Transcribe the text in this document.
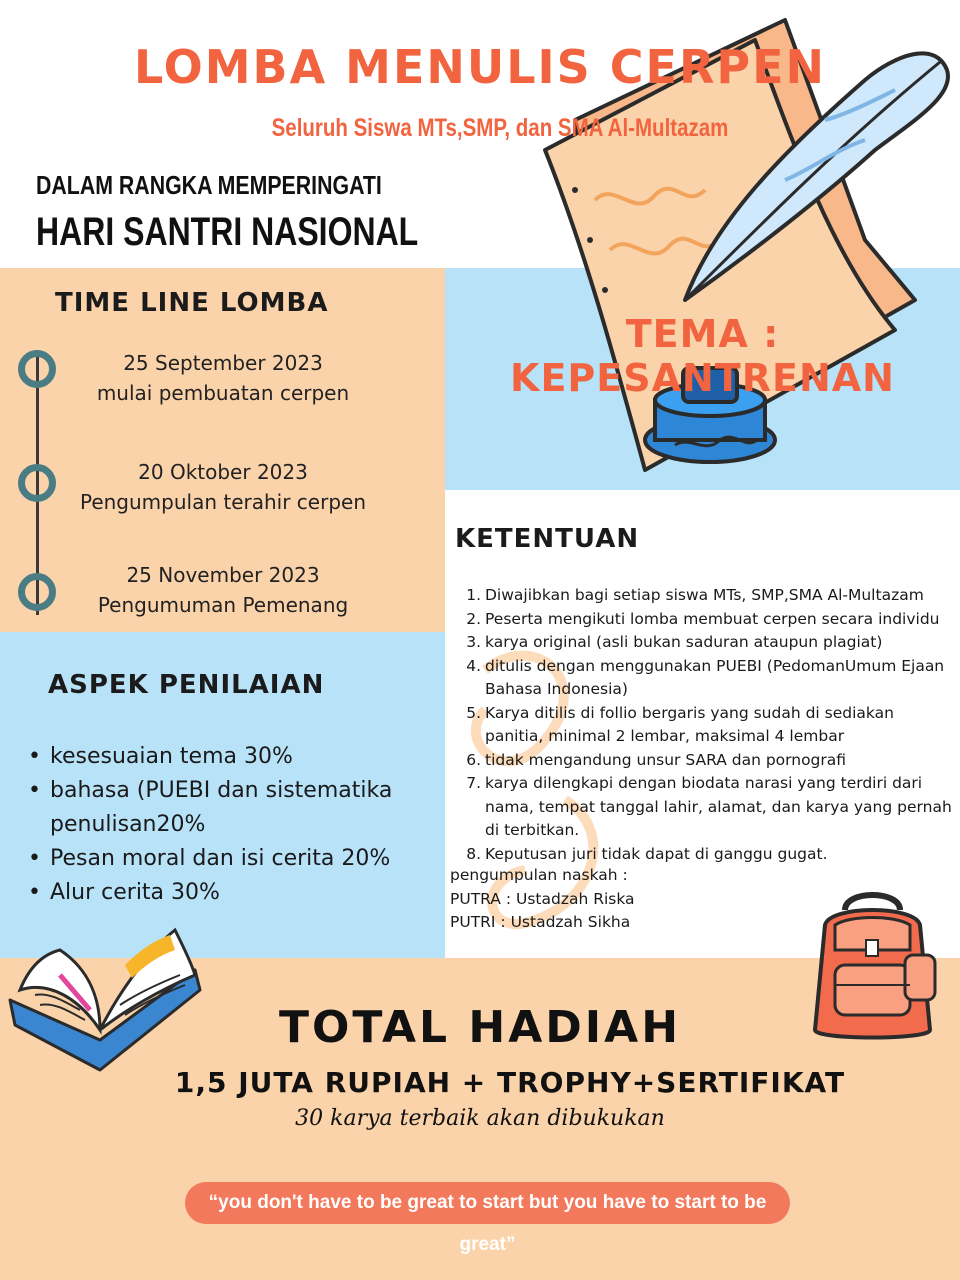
LOMBA MENULIS CERPEN
Seluruh Siswa MTs,SMP, dan SMA Al-Multazam
DALAM RANGKA MEMPERINGATI
HARI SANTRI NASIONAL
TIME LINE LOMBA
25 September 2023
mulai pembuatan cerpen
20 Oktober 2023
Pengumpulan terahir cerpen
25 November 2023
Pengumuman Pemenang
TEMA : KEPESANTRENAN
KETENTUAN
1. Diwajibkan bagi setiap siswa MTs, SMP,SMA Al-Multazam
2. Peserta mengikuti lomba membuat cerpen secara individu
3. karya original (asli bukan saduran ataupun plagiat)
4. ditulis dengan menggunakan PUEBI (PedomanUmum Ejaan Bahasa Indonesia)
5. Karya ditilis di follio bergaris yang sudah di sediakan panitia, minimal 2 lembar, maksimal 4 lembar
6. tidak mengandung unsur SARA dan pornografi
7. karya dilengkapi dengan biodata narasi yang terdiri dari nama, tempat tanggal lahir, alamat, dan karya yang pernah di terbitkan.
8. Keputusan juri tidak dapat di ganggu gugat.
pengumpulan naskah :
PUTRA : Ustadzah Riska
PUTRI : Ustadzah Sikha
ASPEK PENILAIAN
• kesesuaian tema 30%
• bahasa (PUEBI dan sistematika penulisan20%
• Pesan moral dan isi cerita 20%
• Alur cerita 30%
TOTAL HADIAH
1,5 JUTA RUPIAH + TROPHY+SERTIFIKAT
30 karya terbaik akan dibukukan
“you don't have to be great to start but you have to start to be great”
